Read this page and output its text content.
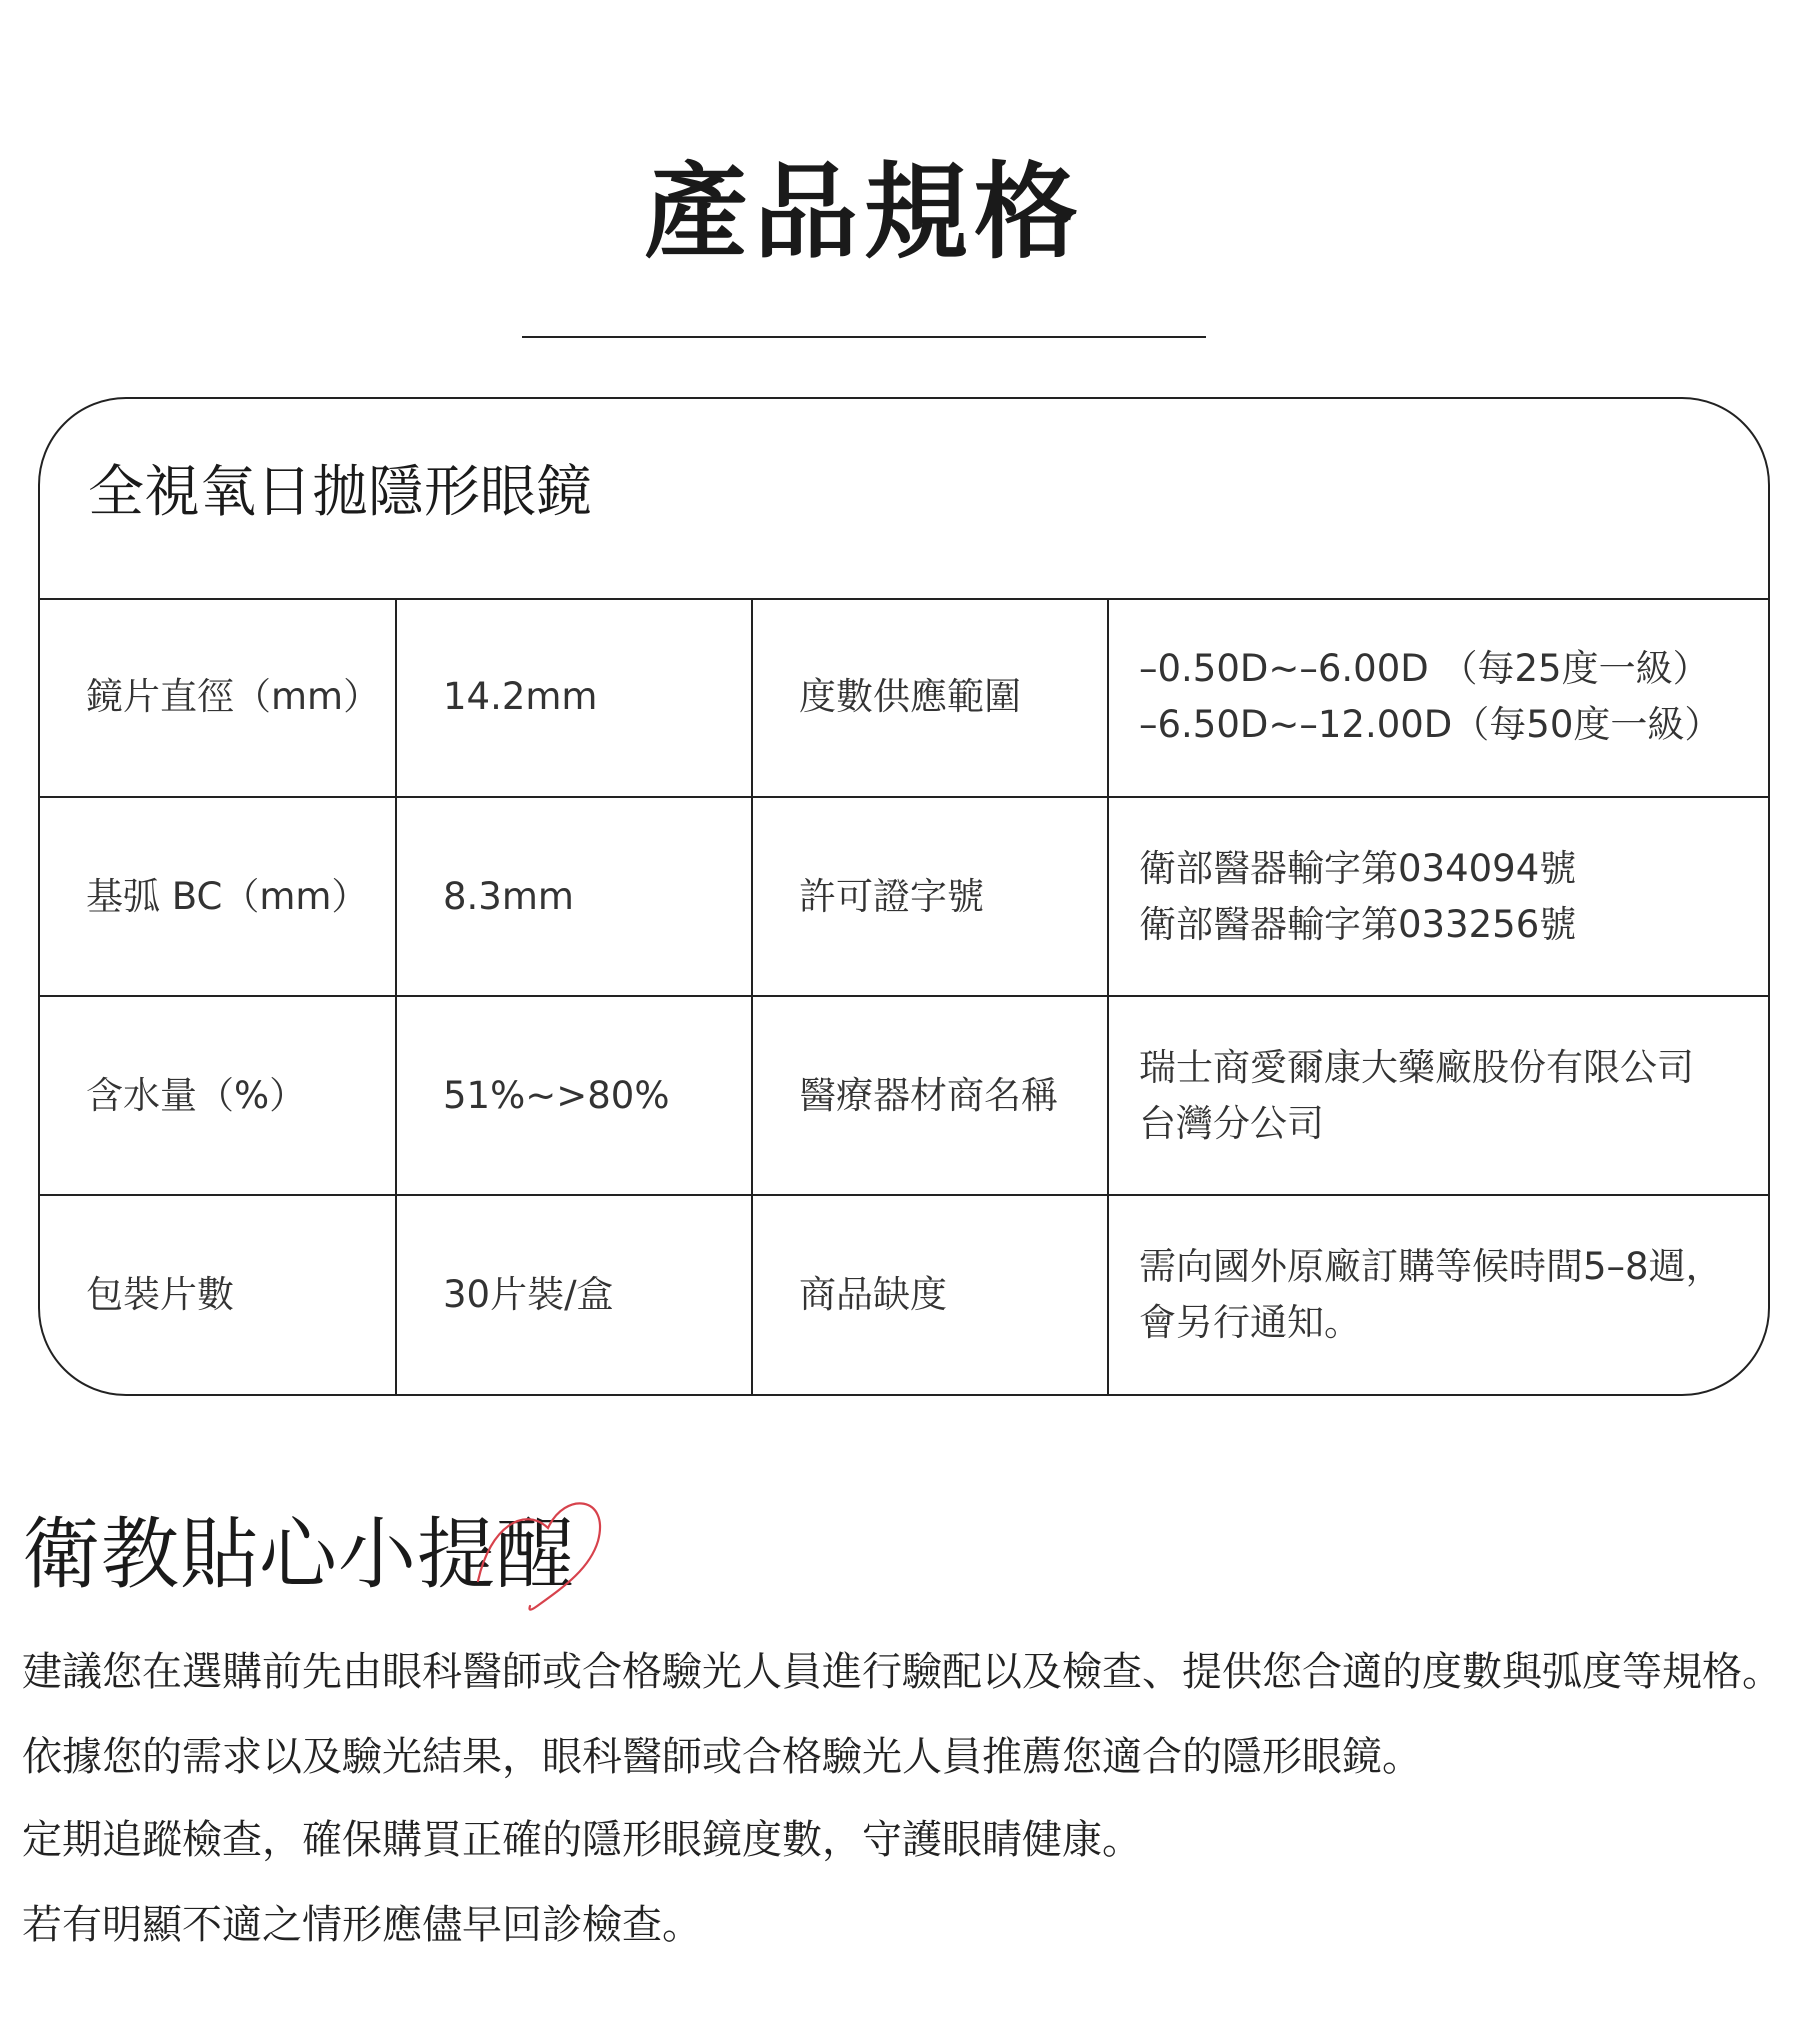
產品規格
全視氧日拋隱形眼鏡
鏡片直徑（mm）	14.2mm	度數供應範圍	–0.50D~–6.00D （每25度一級）
–6.50D~–12.00D（每50度一級）

基弧 BC（mm）	8.3mm	許可證字號	衛部醫器輸字第034094號
衛部醫器輸字第033256號

含水量（%）	51%~>80%	醫療器材商名稱	瑞士商愛爾康大藥廠股份有限公司
台灣分公司

包裝片數	30片裝/盒	商品缺度	需向國外原廠訂購等候時間5–8週，
會另行通知。
衛教貼心小提醒
建議您在選購前先由眼科醫師或合格驗光人員進行驗配以及檢查、提供您合適的度數與弧度等規格。
依據您的需求以及驗光結果，眼科醫師或合格驗光人員推薦您適合的隱形眼鏡。
定期追蹤檢查，確保購買正確的隱形眼鏡度數，守護眼睛健康。
若有明顯不適之情形應儘早回診檢查。
